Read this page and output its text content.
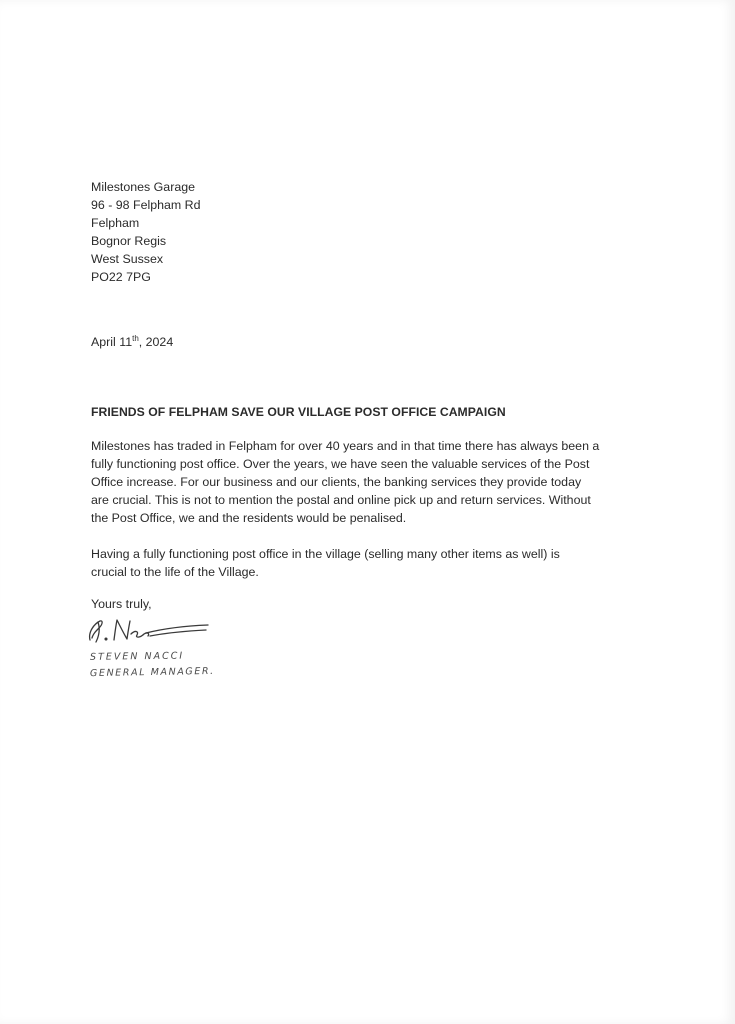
Milestones Garage
96 - 98 Felpham Rd
Felpham
Bognor Regis
West Sussex
PO22 7PG
April 11th, 2024
FRIENDS OF FELPHAM SAVE OUR VILLAGE POST OFFICE CAMPAIGN

Milestones has traded in Felpham for over 40 years and in that time there has always been a
fully functioning post office. Over the years, we have seen the valuable services of the Post
Office increase. For our business and our clients, the banking services they provide today
are crucial. This is not to mention the postal and online pick up and return services. Without
the Post Office, we and the residents would be penalised.

Having a fully functioning post office in the village (selling many other items as well) is
crucial to the life of the Village.

Yours truly,
STEVEN NACCI
GENERAL MANAGER.
